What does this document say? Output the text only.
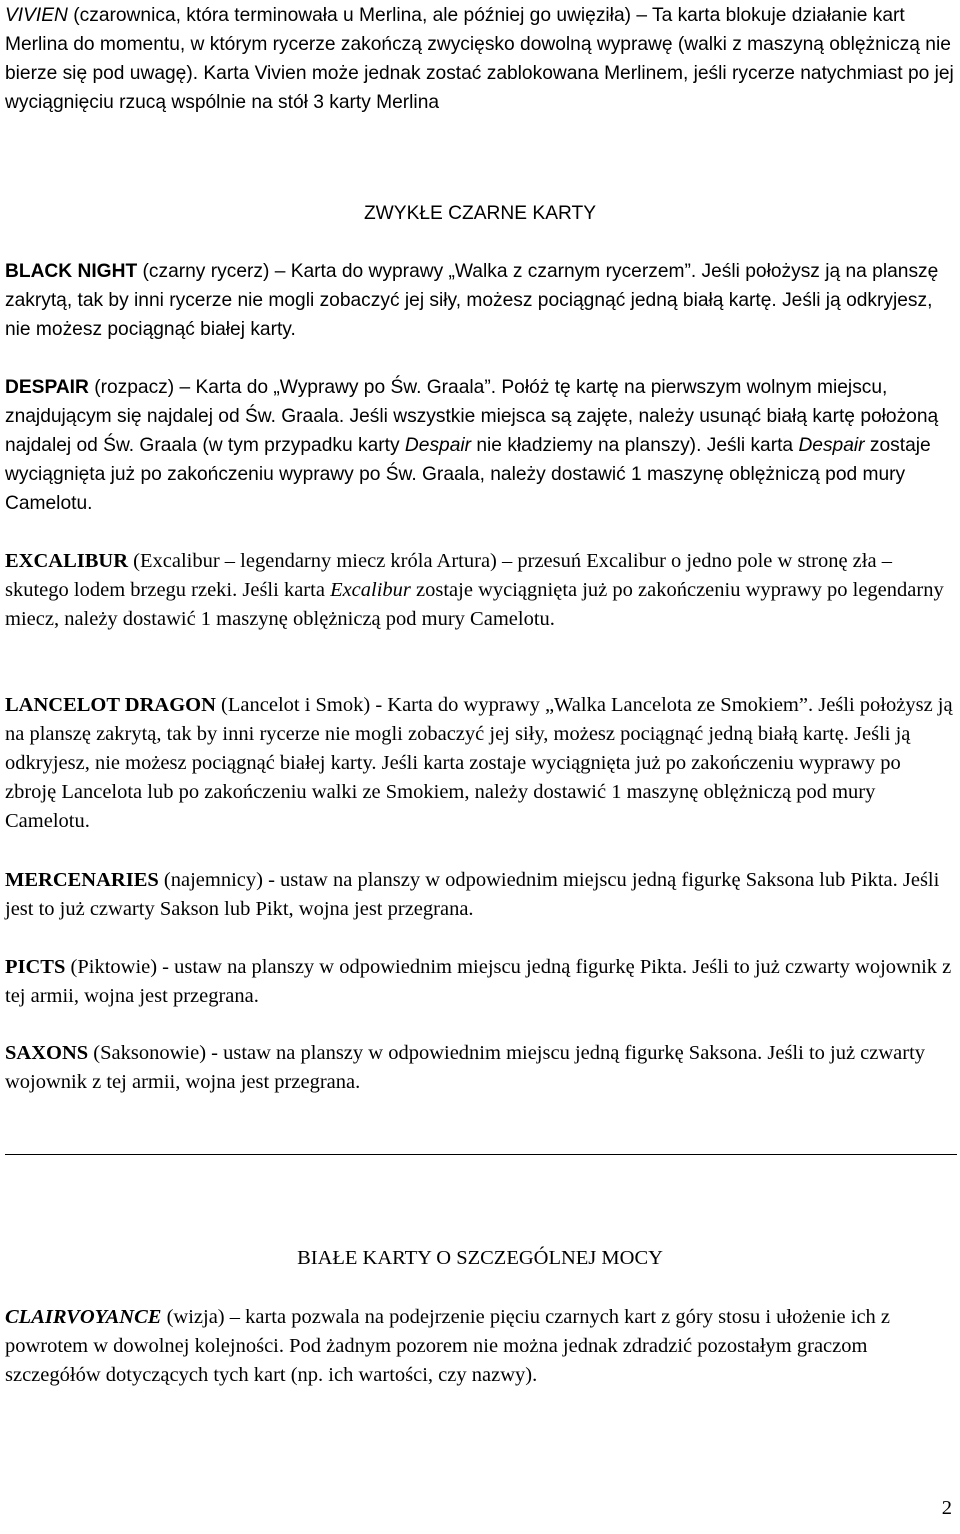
VIVIEN (czarownica, która terminowała u Merlina, ale później go uwięziła) – Ta karta blokuje działanie kart Merlina do momentu, w którym rycerze zakończą zwycięsko dowolną wyprawę (walki z maszyną oblężniczą nie bierze się pod uwagę). Karta Vivien może jednak zostać zablokowana Merlinem, jeśli rycerze natychmiast po jej wyciągnięciu rzucą wspólnie na stół 3 karty Merlina

ZWYKŁE CZARNE KARTY

BLACK NIGHT (czarny rycerz) – Karta do wyprawy „Walka z czarnym rycerzem”. Jeśli położysz ją na planszę zakrytą, tak by inni rycerze nie mogli zobaczyć jej siły, możesz pociągnąć jedną białą kartę. Jeśli ją odkryjesz, nie możesz pociągnąć białej karty.

DESPAIR (rozpacz) – Karta do „Wyprawy po Św. Graala”. Połóż tę kartę na pierwszym wolnym miejscu, znajdującym się najdalej od Św. Graala. Jeśli wszystkie miejsca są zajęte, należy usunąć białą kartę położoną najdalej od Św. Graala (w tym przypadku karty Despair nie kładziemy na planszy). Jeśli karta Despair zostaje wyciągnięta już po zakończeniu wyprawy po Św. Graala, należy dostawić 1 maszynę oblężniczą pod mury Camelotu.

EXCALIBUR (Excalibur – legendarny miecz króla Artura) – przesuń Excalibur o jedno pole w stronę zła – skutego lodem brzegu rzeki. Jeśli karta Excalibur zostaje wyciągnięta już po zakończeniu wyprawy po legendarny miecz, należy dostawić 1 maszynę oblężniczą pod mury Camelotu.

LANCELOT DRAGON (Lancelot i Smok) - Karta do wyprawy „Walka Lancelota ze Smokiem”. Jeśli położysz ją na planszę zakrytą, tak by inni rycerze nie mogli zobaczyć jej siły, możesz pociągnąć jedną białą kartę. Jeśli ją odkryjesz, nie możesz pociągnąć białej karty. Jeśli karta zostaje wyciągnięta już po zakończeniu wyprawy po zbroję Lancelota lub po zakończeniu walki ze Smokiem, należy dostawić 1 maszynę oblężniczą pod mury Camelotu.

MERCENARIES (najemnicy) - ustaw na planszy w odpowiednim miejscu jedną figurkę Saksona lub Pikta. Jeśli jest to już czwarty Sakson lub Pikt, wojna jest przegrana.

PICTS (Piktowie) - ustaw na planszy w odpowiednim miejscu jedną figurkę Pikta. Jeśli to już czwarty wojownik z tej armii, wojna jest przegrana.

SAXONS (Saksonowie) - ustaw na planszy w odpowiednim miejscu jedną figurkę Saksona. Jeśli to już czwarty wojownik z tej armii, wojna jest przegrana.

BIAŁE KARTY O SZCZEGÓLNEJ MOCY

CLAIRVOYANCE (wizja) – karta pozwala na podejrzenie pięciu czarnych kart z góry stosu i ułożenie ich z powrotem w dowolnej kolejności. Pod żadnym pozorem nie można jednak zdradzić pozostałym graczom szczegółów dotyczących tych kart (np. ich wartości, czy nazwy).

2
